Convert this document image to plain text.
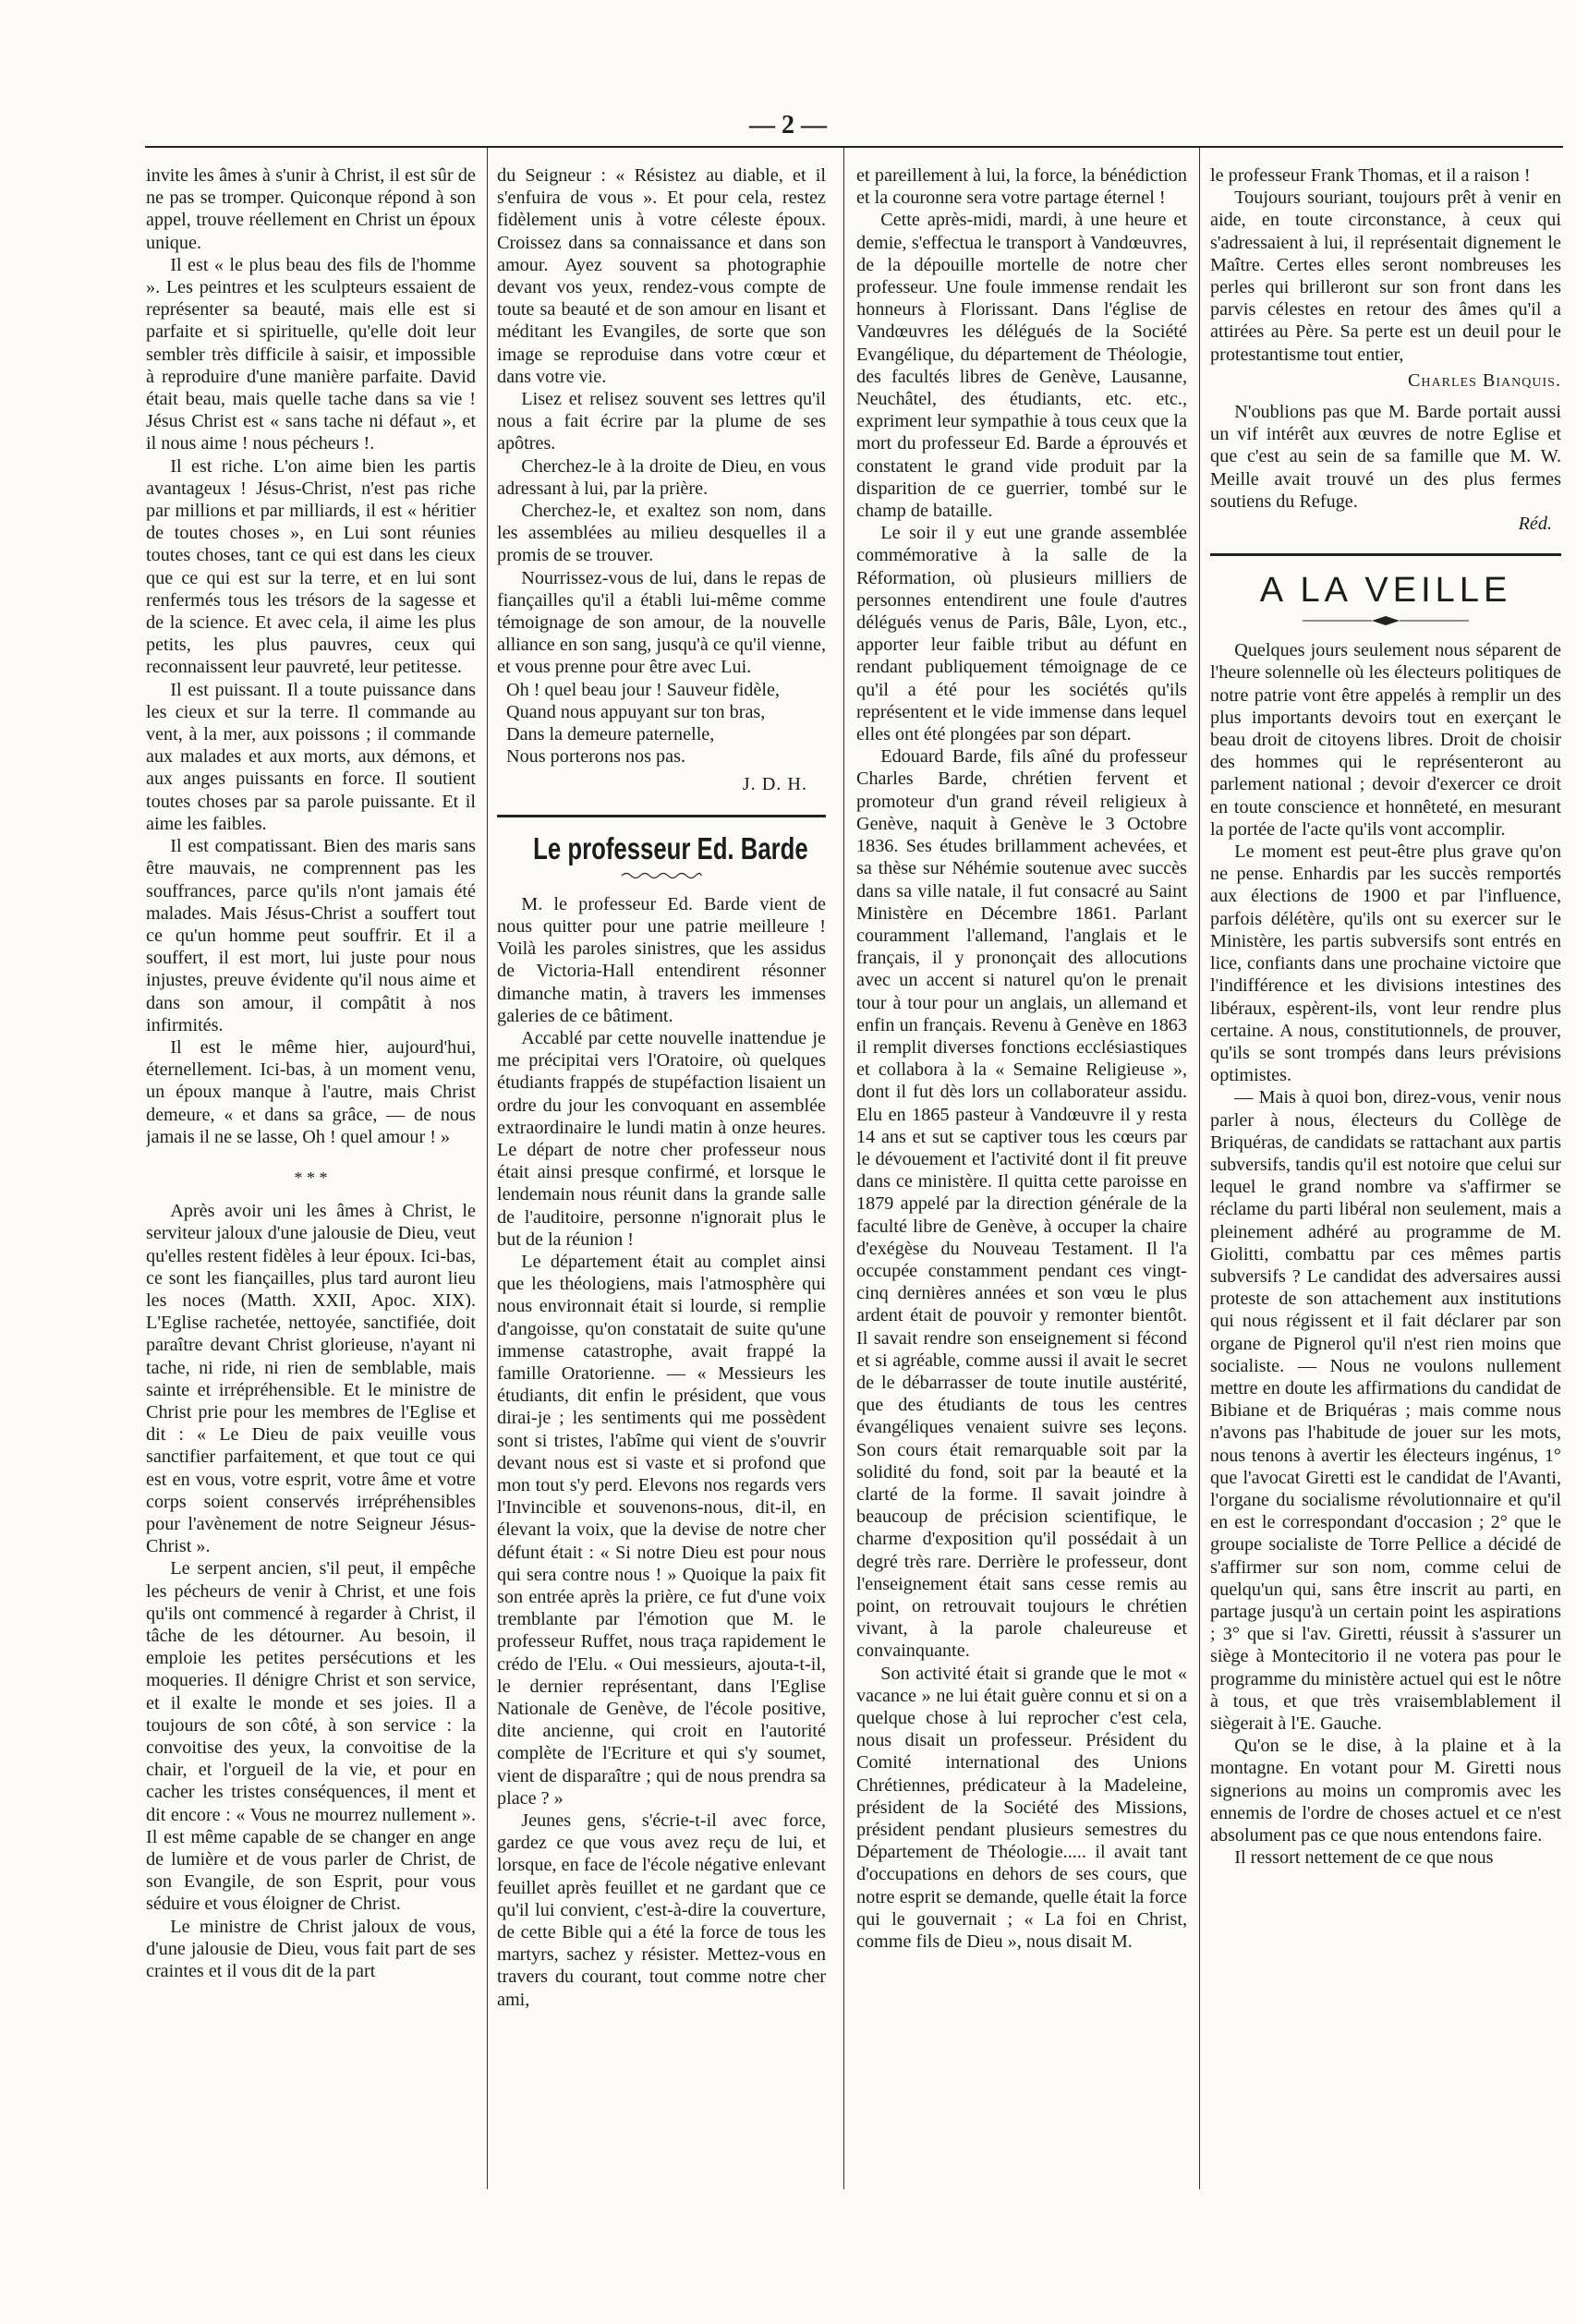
— 2 —

invite les âmes à s'unir à Christ, il est sûr de ne pas se tromper. Quiconque répond à son appel, trouve réellement en Christ un époux unique.

Il est « le plus beau des fils de l'homme ». Les peintres et les sculpteurs essaient de représenter sa beauté, mais elle est si parfaite et si spirituelle, qu'elle doit leur sembler très difficile à saisir, et impossible à reproduire d'une manière parfaite. David était beau, mais quelle tache dans sa vie ! Jésus Christ est « sans tache ni défaut », et il nous aime ! nous pécheurs !.

Il est riche. L'on aime bien les partis avantageux ! Jésus-Christ, n'est pas riche par millions et par milliards, il est « héritier de toutes choses », en Lui sont réunies toutes choses, tant ce qui est dans les cieux que ce qui est sur la terre, et en lui sont renfermés tous les trésors de la sagesse et de la science. Et avec cela, il aime les plus petits, les plus pauvres, ceux qui reconnaissent leur pauvreté, leur petitesse.

Il est puissant. Il a toute puissance dans les cieux et sur la terre. Il commande au vent, à la mer, aux poissons ; il commande aux malades et aux morts, aux démons, et aux anges puissants en force. Il soutient toutes choses par sa parole puissante. Et il aime les faibles.

Il est compatissant. Bien des maris sans être mauvais, ne comprennent pas les souffrances, parce qu'ils n'ont jamais été malades. Mais Jésus-Christ a souffert tout ce qu'un homme peut souffrir. Et il a souffert, il est mort, lui juste pour nous injustes, preuve évidente qu'il nous aime et dans son amour, il compâtit à nos infirmités.

Il est le même hier, aujourd'hui, éternellement. Ici-bas, à un moment venu, un époux manque à l'autre, mais Christ demeure, « et dans sa grâce, — de nous jamais il ne se lasse, Oh ! quel amour ! »

* * *

Après avoir uni les âmes à Christ, le serviteur jaloux d'une jalousie de Dieu, veut qu'elles restent fidèles à leur époux. Ici-bas, ce sont les fiançailles, plus tard auront lieu les noces (Matth. XXII, Apoc. XIX). L'Eglise rachetée, nettoyée, sanctifiée, doit paraître devant Christ glorieuse, n'ayant ni tache, ni ride, ni rien de semblable, mais sainte et irrépréhensible. Et le ministre de Christ prie pour les membres de l'Eglise et dit : « Le Dieu de paix veuille vous sanctifier parfaitement, et que tout ce qui est en vous, votre esprit, votre âme et votre corps soient conservés irrépréhensibles pour l'avènement de notre Seigneur Jésus-Christ ».

Le serpent ancien, s'il peut, il empêche les pécheurs de venir à Christ, et une fois qu'ils ont commencé à regarder à Christ, il tâche de les détourner. Au besoin, il emploie les petites persécutions et les moqueries. Il dénigre Christ et son service, et il exalte le monde et ses joies. Il a toujours de son côté, à son service : la convoitise des yeux, la convoitise de la chair, et l'orgueil de la vie, et pour en cacher les tristes conséquences, il ment et dit encore : « Vous ne mourrez nullement ». Il est même capable de se changer en ange de lumière et de vous parler de Christ, de son Evangile, de son Esprit, pour vous séduire et vous éloigner de Christ.

Le ministre de Christ jaloux de vous, d'une jalousie de Dieu, vous fait part de ses craintes et il vous dit de la part

du Seigneur : « Résistez au diable, et il s'enfuira de vous ». Et pour cela, restez fidèlement unis à votre céleste époux. Croissez dans sa connaissance et dans son amour. Ayez souvent sa photographie devant vos yeux, rendez-vous compte de toute sa beauté et de son amour en lisant et méditant les Evangiles, de sorte que son image se reproduise dans votre cœur et dans votre vie.

Lisez et relisez souvent ses lettres qu'il nous a fait écrire par la plume de ses apôtres.

Cherchez-le à la droite de Dieu, en vous adressant à lui, par la prière.

Cherchez-le, et exaltez son nom, dans les assemblées au milieu desquelles il a promis de se trouver.

Nourrissez-vous de lui, dans le repas de fiançailles qu'il a établi lui-même comme témoignage de son amour, de la nouvelle alliance en son sang, jusqu'à ce qu'il vienne, et vous prenne pour être avec Lui.

Oh ! quel beau jour ! Sauveur fidèle,
Quand nous appuyant sur ton bras,
Dans la demeure paternelle,
Nous porterons nos pas.
J. D. H.
Le professeur Ed. Barde

M. le professeur Ed. Barde vient de nous quitter pour une patrie meilleure ! Voilà les paroles sinistres, que les assidus de Victoria-Hall entendirent résonner dimanche matin, à travers les immenses galeries de ce bâtiment.

Accablé par cette nouvelle inattendue je me précipitai vers l'Oratoire, où quelques étudiants frappés de stupéfaction lisaient un ordre du jour les convoquant en assemblée extraordinaire le lundi matin à onze heures. Le départ de notre cher professeur nous était ainsi presque confirmé, et lorsque le lendemain nous réunit dans la grande salle de l'auditoire, personne n'ignorait plus le but de la réunion !

Le département était au complet ainsi que les théologiens, mais l'atmosphère qui nous environnait était si lourde, si remplie d'angoisse, qu'on constatait de suite qu'une immense catastrophe, avait frappé la famille Oratorienne. — « Messieurs les étudiants, dit enfin le président, que vous dirai-je ; les sentiments qui me possèdent sont si tristes, l'abîme qui vient de s'ouvrir devant nous est si vaste et si profond que mon tout s'y perd. Elevons nos regards vers l'Invincible et souvenons-nous, dit-il, en élevant la voix, que la devise de notre cher défunt était : « Si notre Dieu est pour nous qui sera contre nous ! » Quoique la paix fit son entrée après la prière, ce fut d'une voix tremblante par l'émotion que M. le professeur Ruffet, nous traça rapidement le crédo de l'Elu. « Oui messieurs, ajouta-t-il, le dernier représentant, dans l'Eglise Nationale de Genève, de l'école positive, dite ancienne, qui croit en l'autorité complète de l'Ecriture et qui s'y soumet, vient de disparaître ; qui de nous prendra sa place ? »

Jeunes gens, s'écrie-t-il avec force, gardez ce que vous avez reçu de lui, et lorsque, en face de l'école négative enlevant feuillet après feuillet et ne gardant que ce qu'il lui convient, c'est-à-dire la couverture, de cette Bible qui a été la force de tous les martyrs, sachez y résister. Mettez-vous en travers du courant, tout comme notre cher ami,

et pareillement à lui, la force, la bénédiction et la couronne sera votre partage éternel !

Cette après-midi, mardi, à une heure et demie, s'effectua le transport à Vandœuvres, de la dépouille mortelle de notre cher professeur. Une foule immense rendait les honneurs à Florissant. Dans l'église de Vandœuvres les délégués de la Société Evangélique, du département de Théologie, des facultés libres de Genève, Lausanne, Neuchâtel, des étudiants, etc. etc., expriment leur sympathie à tous ceux que la mort du professeur Ed. Barde a éprouvés et constatent le grand vide produit par la disparition de ce guerrier, tombé sur le champ de bataille.

Le soir il y eut une grande assemblée commémorative à la salle de la Réformation, où plusieurs milliers de personnes entendirent une foule d'autres délégués venus de Paris, Bâle, Lyon, etc., apporter leur faible tribut au défunt en rendant publiquement témoignage de ce qu'il a été pour les sociétés qu'ils représentent et le vide immense dans lequel elles ont été plongées par son départ.

Edouard Barde, fils aîné du professeur Charles Barde, chrétien fervent et promoteur d'un grand réveil religieux à Genève, naquit à Genève le 3 Octobre 1836. Ses études brillamment achevées, et sa thèse sur Néhémie soutenue avec succès dans sa ville natale, il fut consacré au Saint Ministère en Décembre 1861. Parlant couramment l'allemand, l'anglais et le français, il y prononçait des allocutions avec un accent si naturel qu'on le prenait tour à tour pour un anglais, un allemand et enfin un français. Revenu à Genève en 1863 il remplit diverses fonctions ecclésiastiques et collabora à la « Semaine Religieuse », dont il fut dès lors un collaborateur assidu. Elu en 1865 pasteur à Vandœuvre il y resta 14 ans et sut se captiver tous les cœurs par le dévouement et l'activité dont il fit preuve dans ce ministère. Il quitta cette paroisse en 1879 appelé par la direction générale de la faculté libre de Genève, à occuper la chaire d'exégèse du Nouveau Testament. Il l'a occupée constamment pendant ces vingt-cinq dernières années et son vœu le plus ardent était de pouvoir y remonter bientôt. Il savait rendre son enseignement si fécond et si agréable, comme aussi il avait le secret de le débarrasser de toute inutile austérité, que des étudiants de tous les centres évangéliques venaient suivre ses leçons. Son cours était remarquable soit par la solidité du fond, soit par la beauté et la clarté de la forme. Il savait joindre à beaucoup de précision scientifique, le charme d'exposition qu'il possédait à un degré très rare. Derrière le professeur, dont l'enseignement était sans cesse remis au point, on retrouvait toujours le chrétien vivant, à la parole chaleureuse et convainquante.

Son activité était si grande que le mot « vacance » ne lui était guère connu et si on a quelque chose à lui reprocher c'est cela, nous disait un professeur. Président du Comité international des Unions Chrétiennes, prédicateur à la Madeleine, président de la Société des Missions, président pendant plusieurs semestres du Département de Théologie..... il avait tant d'occupations en dehors de ses cours, que notre esprit se demande, quelle était la force qui le gouvernait ; « La foi en Christ, comme fils de Dieu », nous disait M.

le professeur Frank Thomas, et il a raison !

Toujours souriant, toujours prêt à venir en aide, en toute circonstance, à ceux qui s'adressaient à lui, il représentait dignement le Maître. Certes elles seront nombreuses les perles qui brilleront sur son front dans les parvis célestes en retour des âmes qu'il a attirées au Père. Sa perte est un deuil pour le protestantisme tout entier,

Charles Bianquis.

N'oublions pas que M. Barde portait aussi un vif intérêt aux œuvres de notre Eglise et que c'est au sein de sa famille que M. W. Meille avait trouvé un des plus fermes soutiens du Refuge.

Réd.
A LA VEILLE

Quelques jours seulement nous séparent de l'heure solennelle où les électeurs politiques de notre patrie vont être appelés à remplir un des plus importants devoirs tout en exerçant le beau droit de citoyens libres. Droit de choisir des hommes qui le représenteront au parlement national ; devoir d'exercer ce droit en toute conscience et honnêteté, en mesurant la portée de l'acte qu'ils vont accomplir.

Le moment est peut-être plus grave qu'on ne pense. Enhardis par les succès remportés aux élections de 1900 et par l'influence, parfois délétère, qu'ils ont su exercer sur le Ministère, les partis subversifs sont entrés en lice, confiants dans une prochaine victoire que l'indifférence et les divisions intestines des libéraux, espèrent-ils, vont leur rendre plus certaine. A nous, constitutionnels, de prouver, qu'ils se sont trompés dans leurs prévisions optimistes.

— Mais à quoi bon, direz-vous, venir nous parler à nous, électeurs du Collège de Briquéras, de candidats se rattachant aux partis subversifs, tandis qu'il est notoire que celui sur lequel le grand nombre va s'affirmer se réclame du parti libéral non seulement, mais a pleinement adhéré au programme de M. Giolitti, combattu par ces mêmes partis subversifs ? Le candidat des adversaires aussi proteste de son attachement aux institutions qui nous régissent et il fait déclarer par son organe de Pignerol qu'il n'est rien moins que socialiste. — Nous ne voulons nullement mettre en doute les affirmations du candidat de Bibiane et de Briquéras ; mais comme nous n'avons pas l'habitude de jouer sur les mots, nous tenons à avertir les électeurs ingénus, 1° que l'avocat Giretti est le candidat de l'Avanti, l'organe du socialisme révolutionnaire et qu'il en est le correspondant d'occasion ; 2° que le groupe socialiste de Torre Pellice a décidé de s'affirmer sur son nom, comme celui de quelqu'un qui, sans être inscrit au parti, en partage jusqu'à un certain point les aspirations ; 3° que si l'av. Giretti, réussit à s'assurer un siège à Montecitorio il ne votera pas pour le programme du ministère actuel qui est le nôtre à tous, et que très vraisemblablement il siègerait à l'E. Gauche.

Qu'on se le dise, à la plaine et à la montagne. En votant pour M. Giretti nous signerions au moins un compromis avec les ennemis de l'ordre de choses actuel et ce n'est absolument pas ce que nous entendons faire.

Il ressort nettement de ce que nous
